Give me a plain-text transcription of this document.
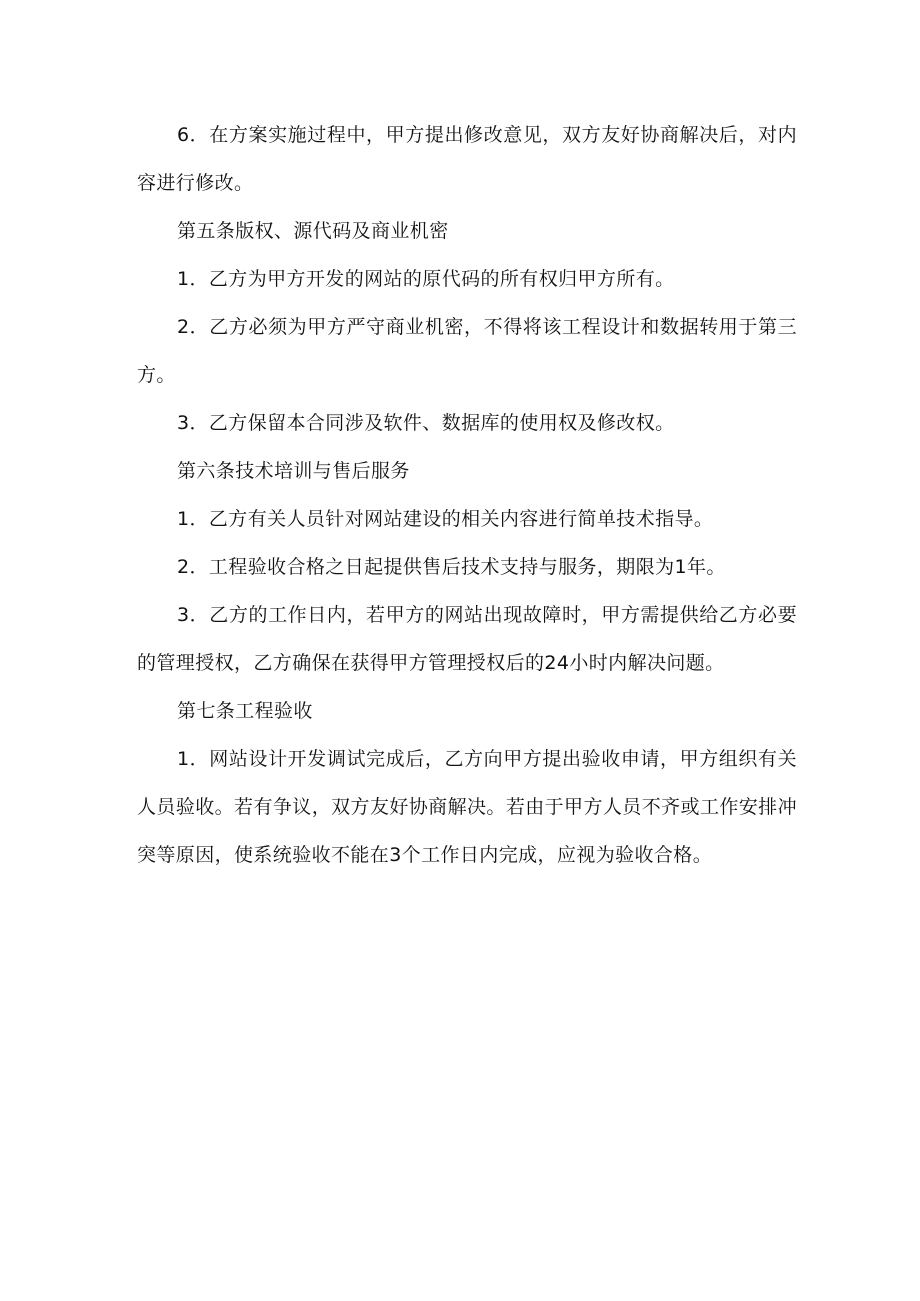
6．在方案实施过程中，甲方提出修改意见，双方友好协商解决后，对内容进行修改。

第五条版权、源代码及商业机密

1．乙方为甲方开发的网站的原代码的所有权归甲方所有。

2．乙方必须为甲方严守商业机密，不得将该工程设计和数据转用于第三方。

3．乙方保留本合同涉及软件、数据库的使用权及修改权。

第六条技术培训与售后服务

1．乙方有关人员针对网站建设的相关内容进行简单技术指导。

2．工程验收合格之日起提供售后技术支持与服务，期限为1年。

3．乙方的工作日内，若甲方的网站出现故障时，甲方需提供给乙方必要的管理授权，乙方确保在获得甲方管理授权后的24小时内解决问题。

第七条工程验收

1．网站设计开发调试完成后，乙方向甲方提出验收申请，甲方组织有关人员验收。若有争议，双方友好协商解决。若由于甲方人员不齐或工作安排冲突等原因，使系统验收不能在3个工作日内完成，应视为验收合格。
